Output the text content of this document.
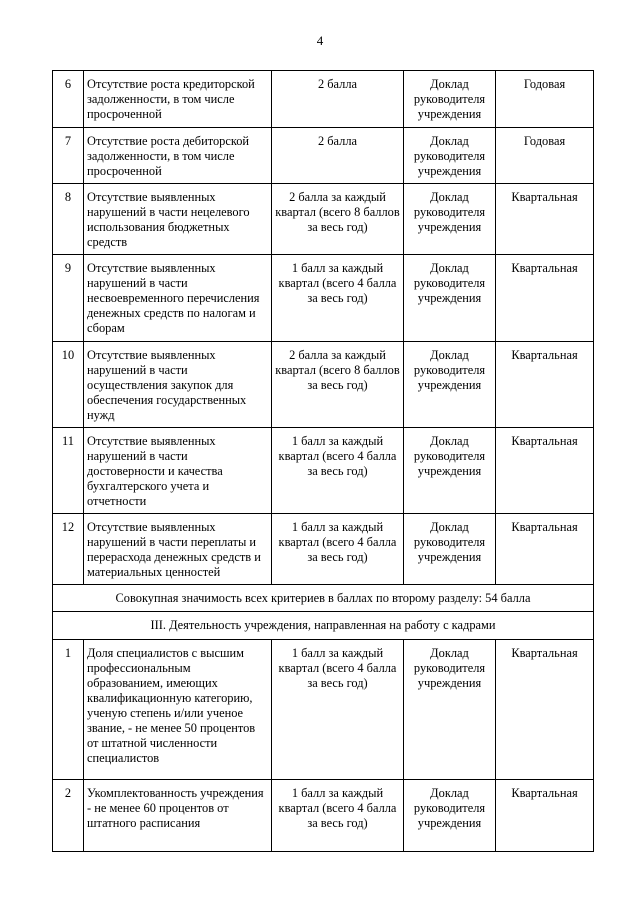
4
6	Отсутствие роста кредиторской задолженности, в том числе просроченной	2 балла	Доклад руководителя учреждения	Годовая
7	Отсутствие роста дебиторской задолженности, в том числе просроченной	2 балла	Доклад руководителя учреждения	Годовая
8	Отсутствие выявленных нарушений в части нецелевого использования бюджетных средств	2 балла за каждый квартал (всего 8 баллов за весь год)	Доклад руководителя учреждения	Квартальная
9	Отсутствие выявленных нарушений в части несвоевременного перечисления денежных средств по налогам и сборам	1 балл за каждый квартал (всего 4 балла за весь год)	Доклад руководителя учреждения	Квартальная
10	Отсутствие выявленных нарушений в части осуществления закупок для обеспечения государственных нужд	2 балла за каждый квартал (всего 8 баллов за весь год)	Доклад руководителя учреждения	Квартальная
11	Отсутствие выявленных нарушений в части достоверности и качества бухгалтерского учета и отчетности	1 балл за каждый квартал (всего 4 балла за весь год)	Доклад руководителя учреждения	Квартальная
12	Отсутствие выявленных нарушений в части переплаты и перерасхода денежных средств и материальных ценностей	1 балл за каждый квартал (всего 4 балла за весь год)	Доклад руководителя учреждения	Квартальная
Совокупная значимость всех критериев в баллах по второму разделу: 54 балла				
III. Деятельность учреждения, направленная на работу с кадрами				
1	Доля специалистов с высшим профессиональным образованием, имеющих квалификационную категорию, ученую степень и/или ученое звание, - не менее 50 процентов от штатной численности специалистов	1 балл за каждый квартал (всего 4 балла за весь год)	Доклад руководителя учреждения	Квартальная
2	Укомплектованность учреждения - не менее 60 процентов от штатного расписания	1 балл за каждый квартал (всего 4 балла за весь год)	Доклад руководителя учреждения	Квартальная
